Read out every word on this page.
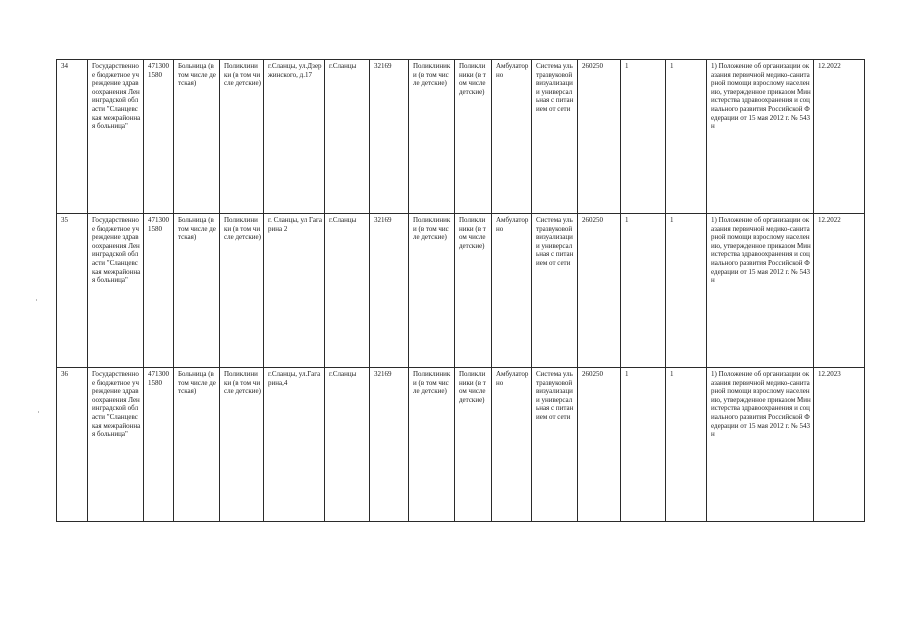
34	Государственное бюджетное учреждение здравоохранения Ленинградской области "Сланцевская межрайонная больница"	4713001580	Больница (в том числе детская)	Поликлиники (в том числе детские)	г.Сланцы, ул.Дзержинского, д.17	г.Сланцы	32169	Поликлиники (в том числе детские)	Поликлиники (в том числе детские)	Амбулаторно	Система ультразвуковой визуализации универсальная с питанием от сети	260250	1	1	1) Положение об организации оказания первичной медико-санитарной помощи взрослому населению, утвержденное приказом Министерства здравоохранения и социального развития Российской Федерации от 15 мая 2012 г. № 543н	12.2022
35	Государственное бюджетное учреждение здравоохранения Ленинградской области "Сланцевская межрайонная больница"	4713001580	Больница (в том числе детская)	Поликлиники (в том числе детские)	г. Сланцы, ул Гагарина 2	г.Сланцы	32169	Поликлиники (в том числе детские)	Поликлиники (в том числе детские)	Амбулаторно	Система ультразвуковой визуализации универсальная с питанием от сети	260250	1	1	1) Положение об организации оказания первичной медико-санитарной помощи взрослому населению, утвержденное приказом Министерства здравоохранения и социального развития Российской Федерации от 15 мая 2012 г. № 543н	12.2022
36	Государственное бюджетное учреждение здравоохранения Ленинградской области "Сланцевская межрайонная больница"	4713001580	Больница (в том числе детская)	Поликлиники (в том числе детские)	г.Сланцы, ул.Гагарина,4	г.Сланцы	32169	Поликлиники (в том числе детские)	Поликлиники (в том числе детские)	Амбулаторно	Система ультразвуковой визуализации универсальная с питанием от сети	260250	1	1	1) Положение об организации оказания первичной медико-санитарной помощи взрослому населению, утвержденное приказом Министерства здравоохранения и социального развития Российской Федерации от 15 мая 2012 г. № 543н	12.2023
